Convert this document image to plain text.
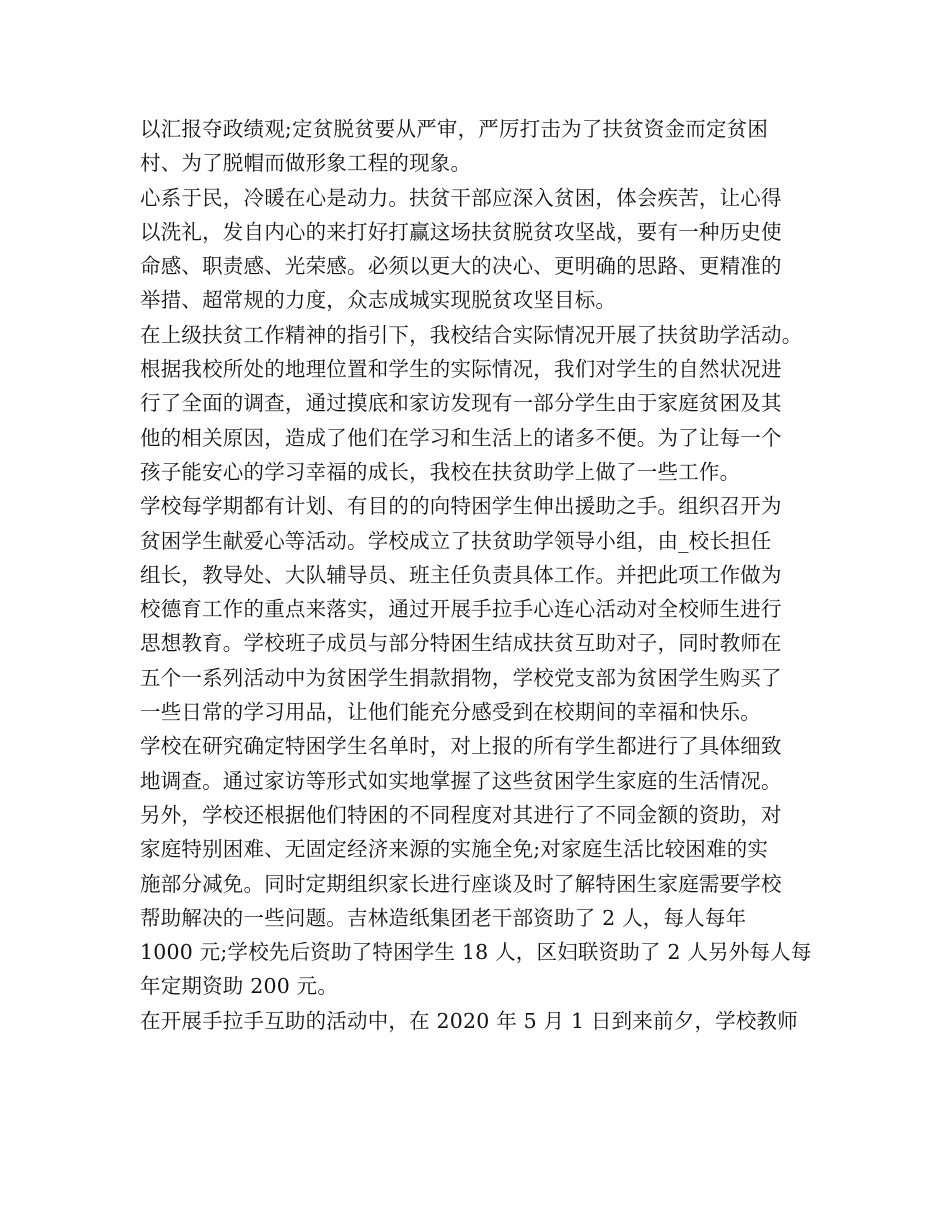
以汇报夺政绩观;定贫脱贫要从严审，严厉打击为了扶贫资金而定贫困
村、为了脱帽而做形象工程的现象。
心系于民，冷暖在心是动力。扶贫干部应深入贫困，体会疾苦，让心得
以洗礼，发自内心的来打好打赢这场扶贫脱贫攻坚战，要有一种历史使
命感、职责感、光荣感。必须以更大的决心、更明确的思路、更精准的
举措、超常规的力度，众志成城实现脱贫攻坚目标。
在上级扶贫工作精神的指引下，我校结合实际情况开展了扶贫助学活动。
根据我校所处的地理位置和学生的实际情况，我们对学生的自然状况进
行了全面的调查，通过摸底和家访发现有一部分学生由于家庭贫困及其
他的相关原因，造成了他们在学习和生活上的诸多不便。为了让每一个
孩子能安心的学习幸福的成长，我校在扶贫助学上做了一些工作。
学校每学期都有计划、有目的的向特困学生伸出援助之手。组织召开为
贫困学生献爱心等活动。学校成立了扶贫助学领导小组，由_校长担任
组长，教导处、大队辅导员、班主任负责具体工作。并把此项工作做为
校德育工作的重点来落实，通过开展手拉手心连心活动对全校师生进行
思想教育。学校班子成员与部分特困生结成扶贫互助对子，同时教师在
五个一系列活动中为贫困学生捐款捐物，学校党支部为贫困学生购买了
一些日常的学习用品，让他们能充分感受到在校期间的幸福和快乐。
学校在研究确定特困学生名单时，对上报的所有学生都进行了具体细致
地调查。通过家访等形式如实地掌握了这些贫困学生家庭的生活情况。
另外，学校还根据他们特困的不同程度对其进行了不同金额的资助，对
家庭特别困难、无固定经济来源的实施全免;对家庭生活比较困难的实
施部分减免。同时定期组织家长进行座谈及时了解特困生家庭需要学校
帮助解决的一些问题。吉林造纸集团老干部资助了 2 人，每人每年
1000 元;学校先后资助了特困学生 18 人，区妇联资助了 2 人另外每人每
年定期资助 200 元。
在开展手拉手互助的活动中，在 2020 年 5 月 1 日到来前夕，学校教师
